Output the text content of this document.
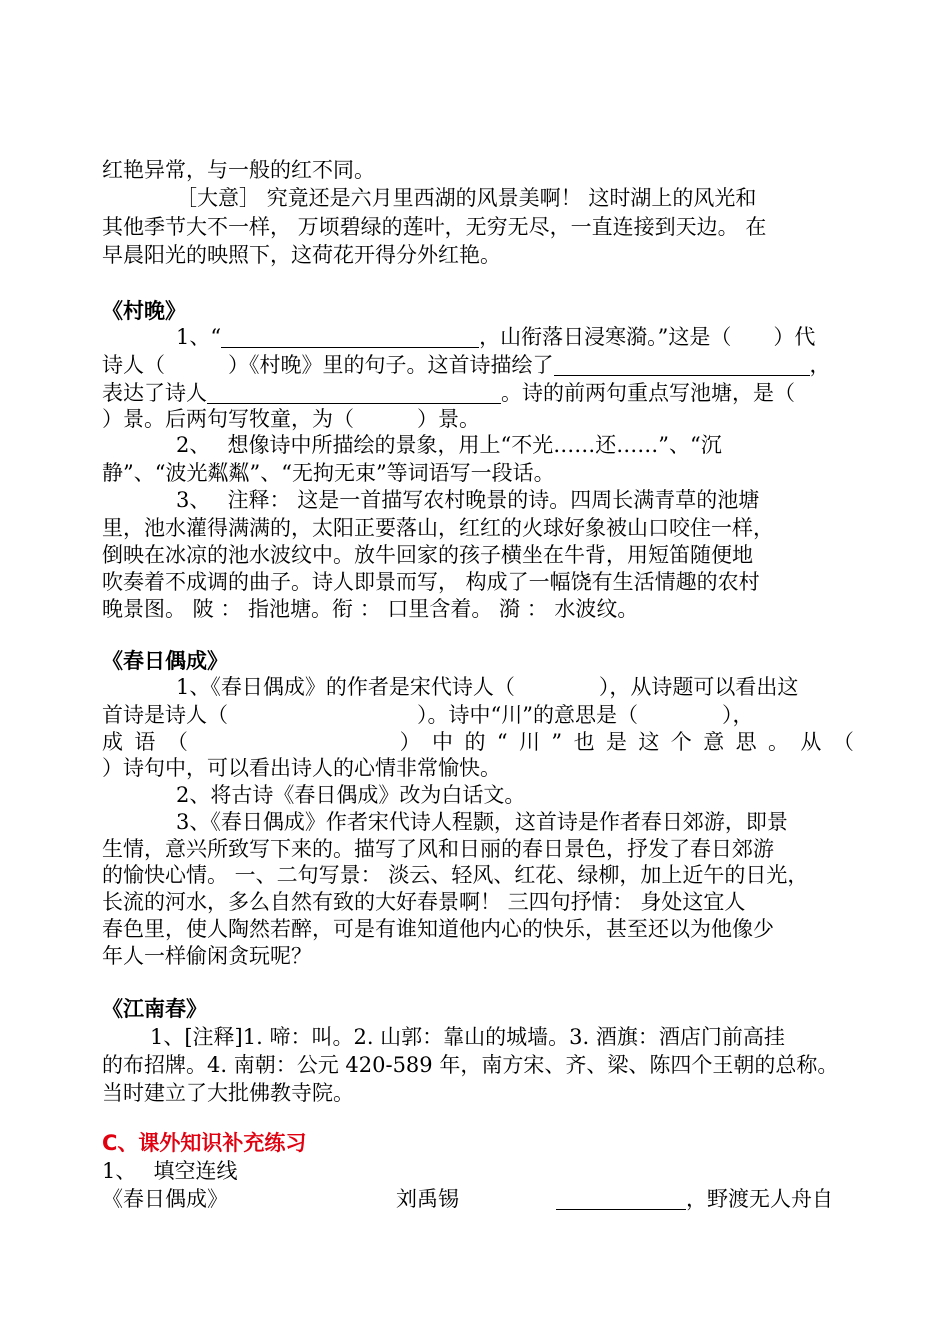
红艳异常，与一般的红不同。
［大意］ 究竟还是六月里西湖的风景美啊！ 这时湖上的风光和
其他季节大不一样， 万顷碧绿的莲叶，无穷无尽，一直连接到天边。 在
早晨阳光的映照下，这荷花开得分外红艳。
《村晚》
1、“	，山衔落日浸寒漪。”这是（　　）代
诗人（　　　）《村晚》里的句子。这首诗描绘了	，
表达了诗人	。诗的前两句重点写池塘，是（
）景。后两句写牧童，为（　　　）景。
2、　 想像诗中所描绘的景象，用上“不光……还……”、“沉
静”、“波光粼粼”、“无拘无束”等词语写一段话。
3、　 注释： 这是一首描写农村晚景的诗。四周长满青草的池塘
里，池水灌得满满的，太阳正要落山，红红的火球好象被山口咬住一样，
倒映在冰凉的池水波纹中。放牛回家的孩子横坐在牛背，用短笛随便地
吹奏着不成调的曲子。诗人即景而写， 构成了一幅饶有生活情趣的农村
晚景图。 陂 ： 指池塘。衔 ： 口里含着。 漪 ： 水波纹。
《春日偶成》
1、《春日偶成》的作者是宋代诗人（　　　　），从诗题可以看出这
首诗是诗人（　　　　　　　　　）。诗中“川”的意思是（　　　　），
成 语 （
　　　　　　　　　	） 中 的 “ 川 ” 也 是 这 个 意 思 。 从 （
）诗句中，可以看出诗人的心情非常愉快。
2、将古诗《春日偶成》改为白话文。
3、《春日偶成》作者宋代诗人程颢，这首诗是作者春日郊游，即景
生情，意兴所致写下来的。描写了风和日丽的春日景色，抒发了春日郊游
的愉快心情。 一、二句写景： 淡云、轻风、红花、绿柳，加上近午的日光，
长流的河水，多么自然有致的大好春景啊！ 三四句抒情： 身处这宜人
春色里，使人陶然若醉，可是有谁知道他内心的快乐，甚至还以为他像少
年人一样偷闲贪玩呢？
《江南春》
1、[注释]1. 啼：叫。2. 山郭：靠山的城墙。3. 酒旗：酒店门前高挂
的布招牌。4. 南朝：公元 420-589 年，南方宋、齐、梁、陈四个王朝的总称。
当时建立了大批佛教寺院。
C、课外知识补充练习
1、　 填空连线
《春日偶成》	刘禹锡	，野渡无人舟自
